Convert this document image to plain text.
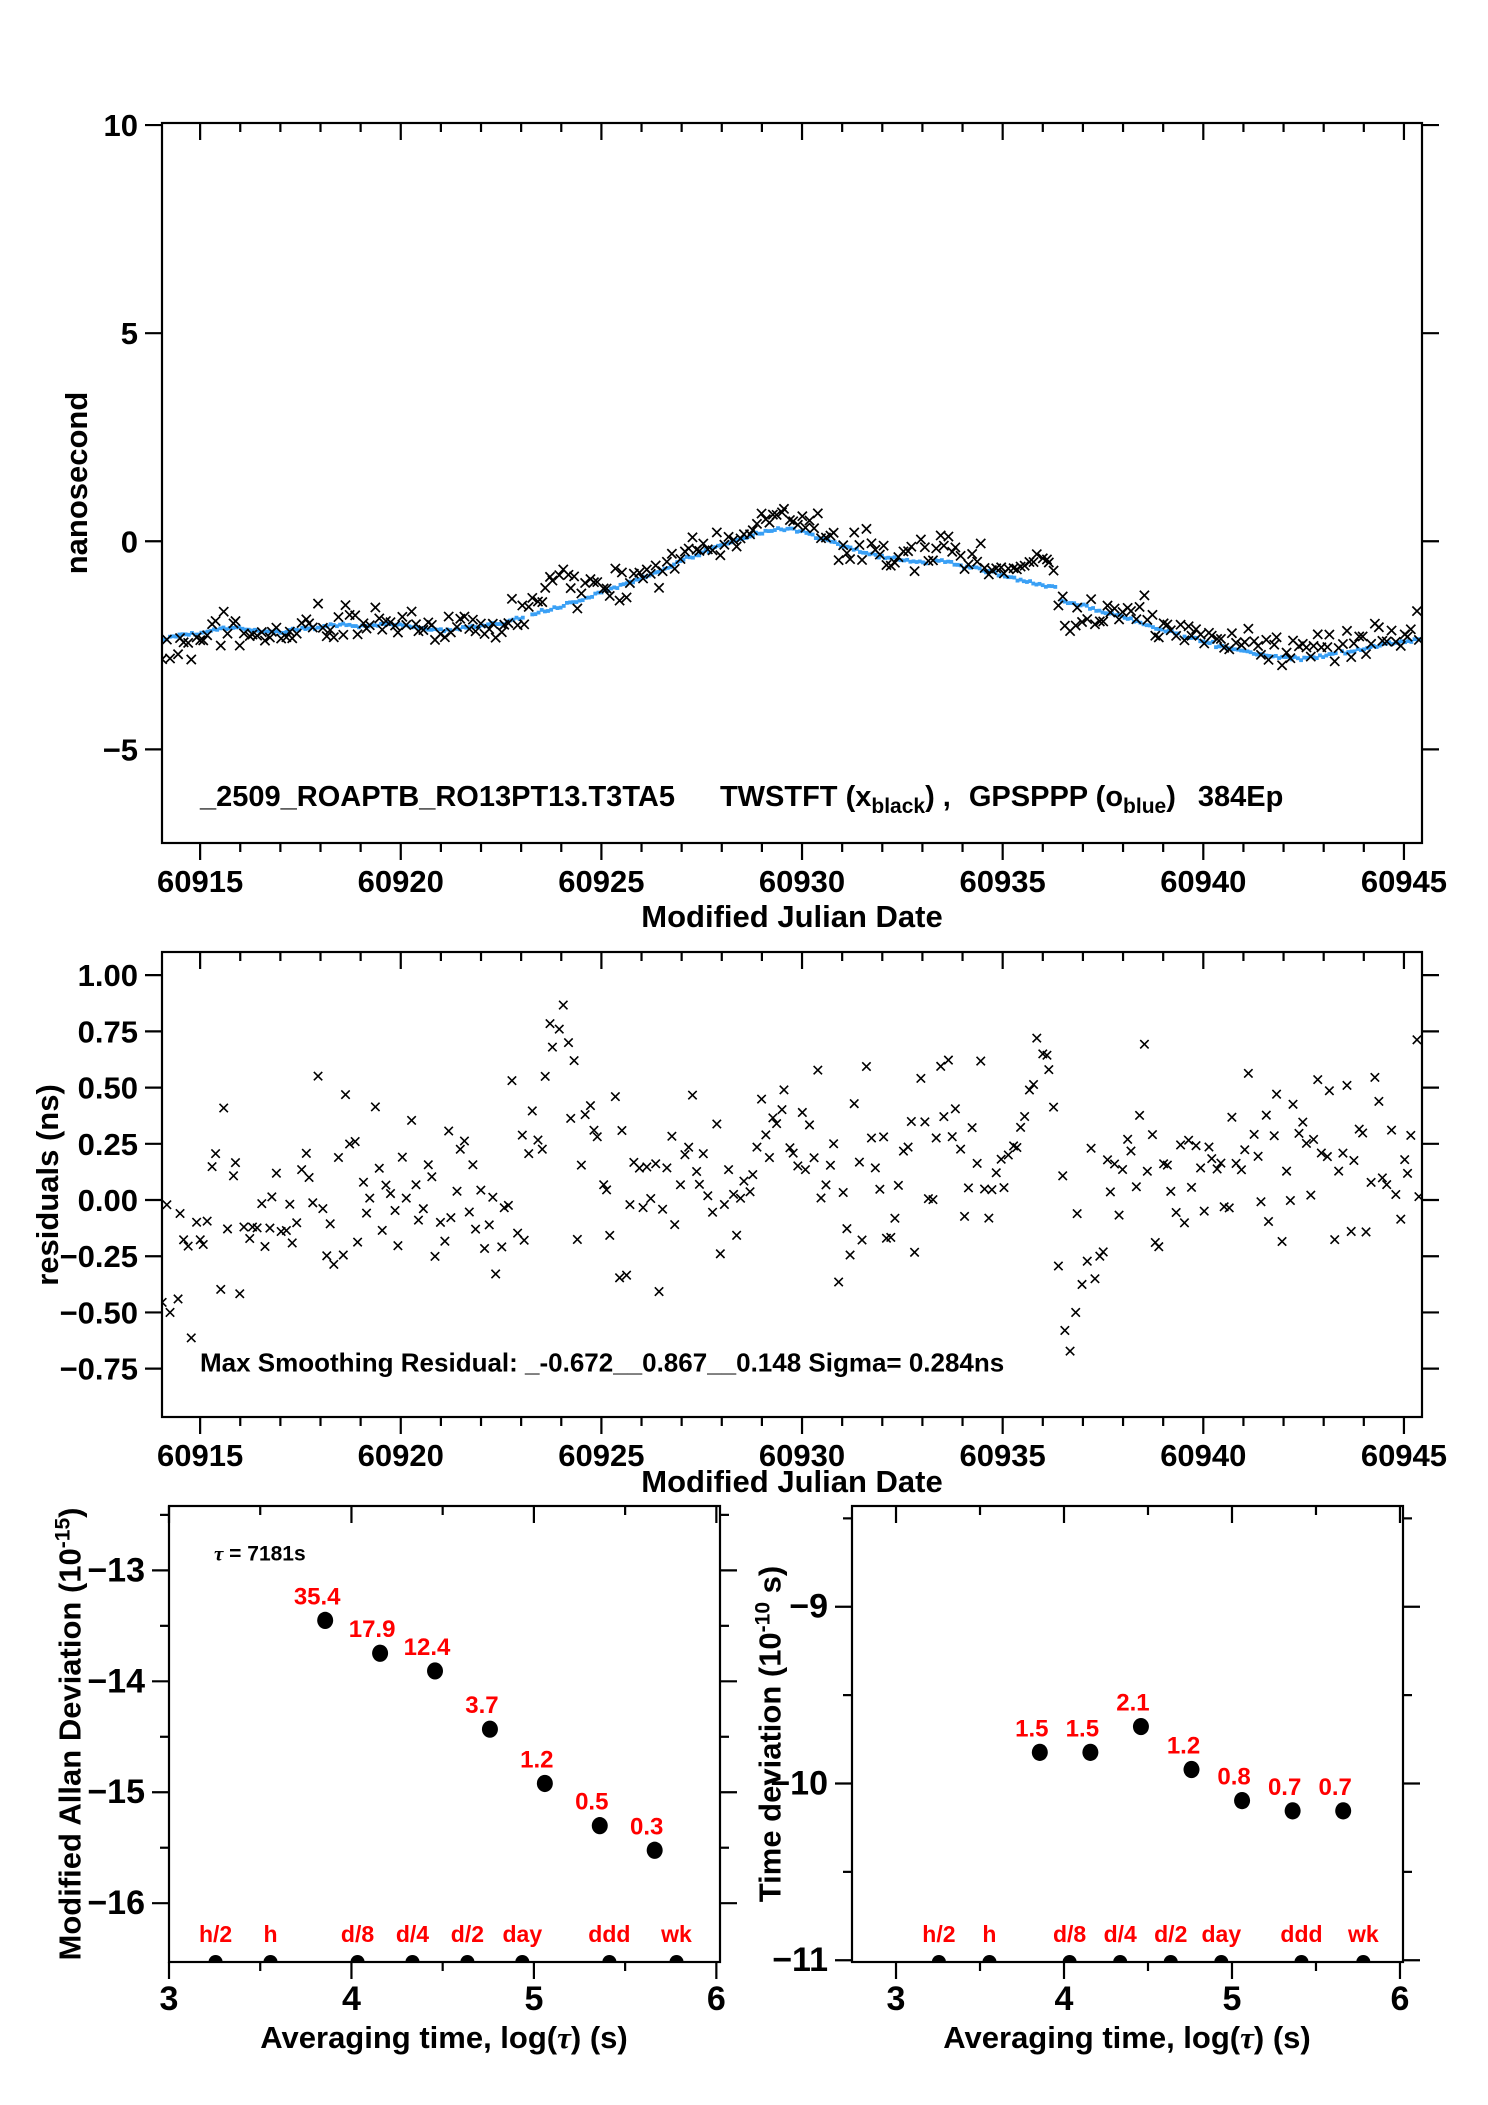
60915	60920	60925	60930	60935	60940	60945
10
5
0
−5
60915	60920	60925	60930	60935	60940	60945
1.00
0.75
0.50
0.25
0.00
−0.25
−0.50
−0.75
3	4	5	6
−13
−14
−15
−16
35.4
17.9
12.4
3.7
1.2
0.5
0.3
h/2 h	d/8 d/4 d/2 day ddd wk
3	4	5	6
−9
−10
−11
1.5 1.5
2.1
1.2
0.8 0.7 0.7
h/2 h d/8 d/4 d/2 day ddd wk
nanosecond
Modified Julian Date
_2509_ROAPTB_RO13PT13.T3TA5 TWSTFT $(x_{black})$ , GPSPPP $(o_{blue})$ 384Ep
residuals (ns)
Modified Julian Date
Max Smoothing Residual: _-0.672__0.867__0.148 Sigma= 0.284ns
Modified Allan Deviation $(10^{-15})$
Averaging time, log(τ) (s)
τ = 7181s
Time deviation ($10^{-10}$ s)
Averaging time, log(τ) (s)
